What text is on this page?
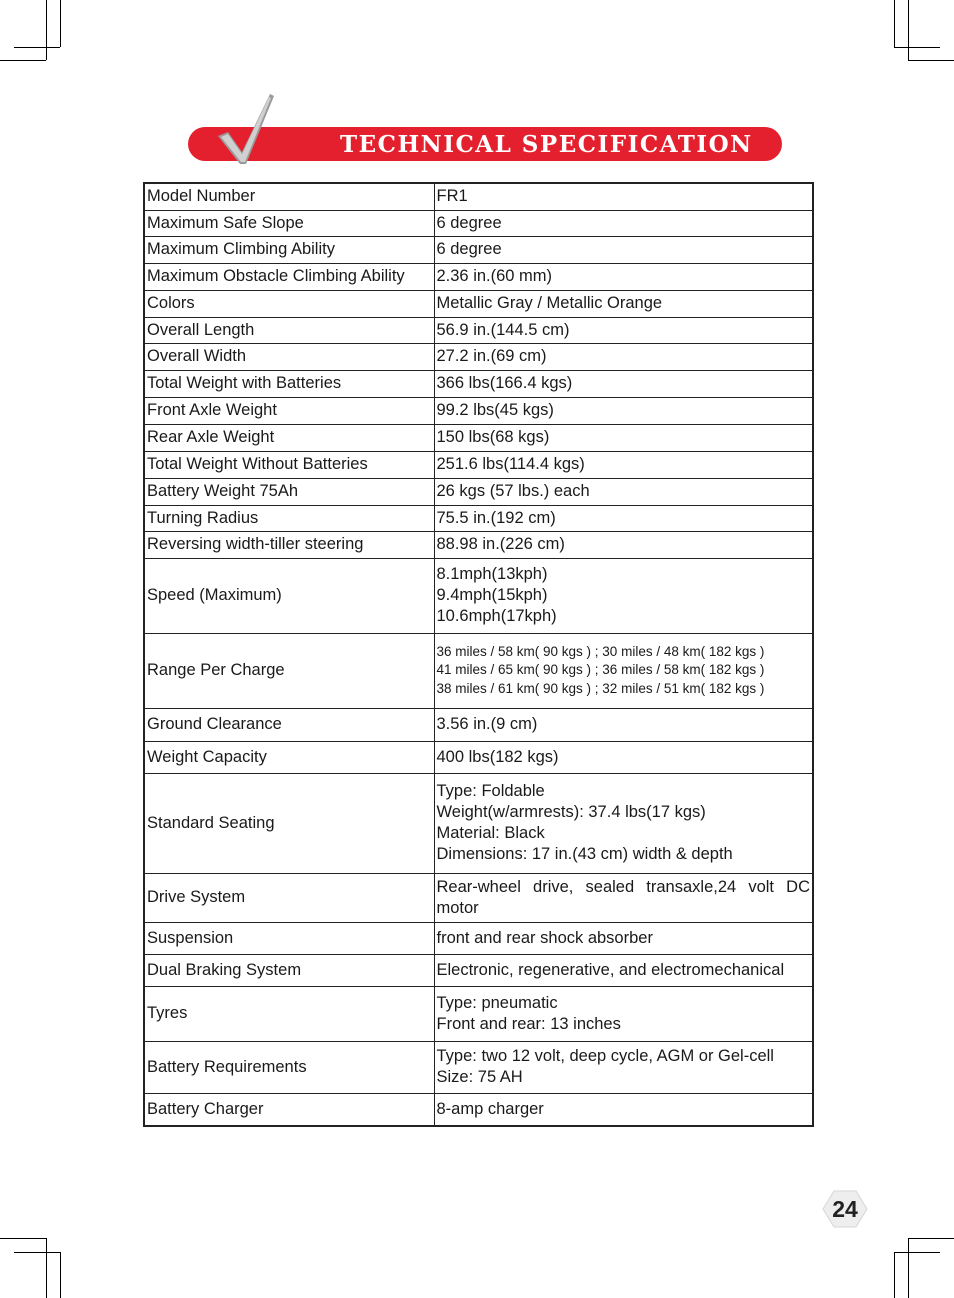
TECHNICAL SPECIFICATION
Model Number	FR1

Maximum Safe Slope	6 degree

Maximum Climbing Ability	6 degree

Maximum Obstacle Climbing Ability	2.36 in.(60 mm)

Colors	Metallic Gray / Metallic Orange

Overall Length	56.9 in.(144.5 cm)

Overall Width	27.2 in.(69 cm)

Total Weight with Batteries	366 lbs(166.4 kgs)

Front Axle Weight	99.2 lbs(45 kgs)

Rear Axle Weight	150 lbs(68 kgs)

Total Weight Without Batteries	251.6 lbs(114.4 kgs)

Battery Weight 75Ah	26 kgs (57 lbs.) each

Turning Radius	75.5 in.(192 cm)

Reversing width-tiller steering	88.98 in.(226 cm)

Speed (Maximum)	8.1mph(13kph)
9.4mph(15kph)
10.6mph(17kph)

Range Per Charge	36 miles / 58 km( 90 kgs ) ; 30 miles / 48 km( 182 kgs )
41 miles / 65 km( 90 kgs ) ; 36 miles / 58 km( 182 kgs )
38 miles / 61 km( 90 kgs ) ; 32 miles / 51 km( 182 kgs )

Ground Clearance	3.56 in.(9 cm)

Weight Capacity	400 lbs(182 kgs)

Standard Seating	Type: Foldable
Weight(w/armrests): 37.4 lbs(17 kgs)
Material: Black
Dimensions: 17 in.(43 cm) width & depth

Drive System	Rear-wheel drive, sealed transaxle,24 volt DC motor

Suspension	front and rear shock absorber

Dual Braking System	Electronic, regenerative, and electromechanical

Tyres	Type: pneumatic
Front and rear: 13 inches

Battery Requirements	Type: two 12 volt, deep cycle, AGM or Gel-cell
Size: 75 AH

Battery Charger	8-amp charger
24
